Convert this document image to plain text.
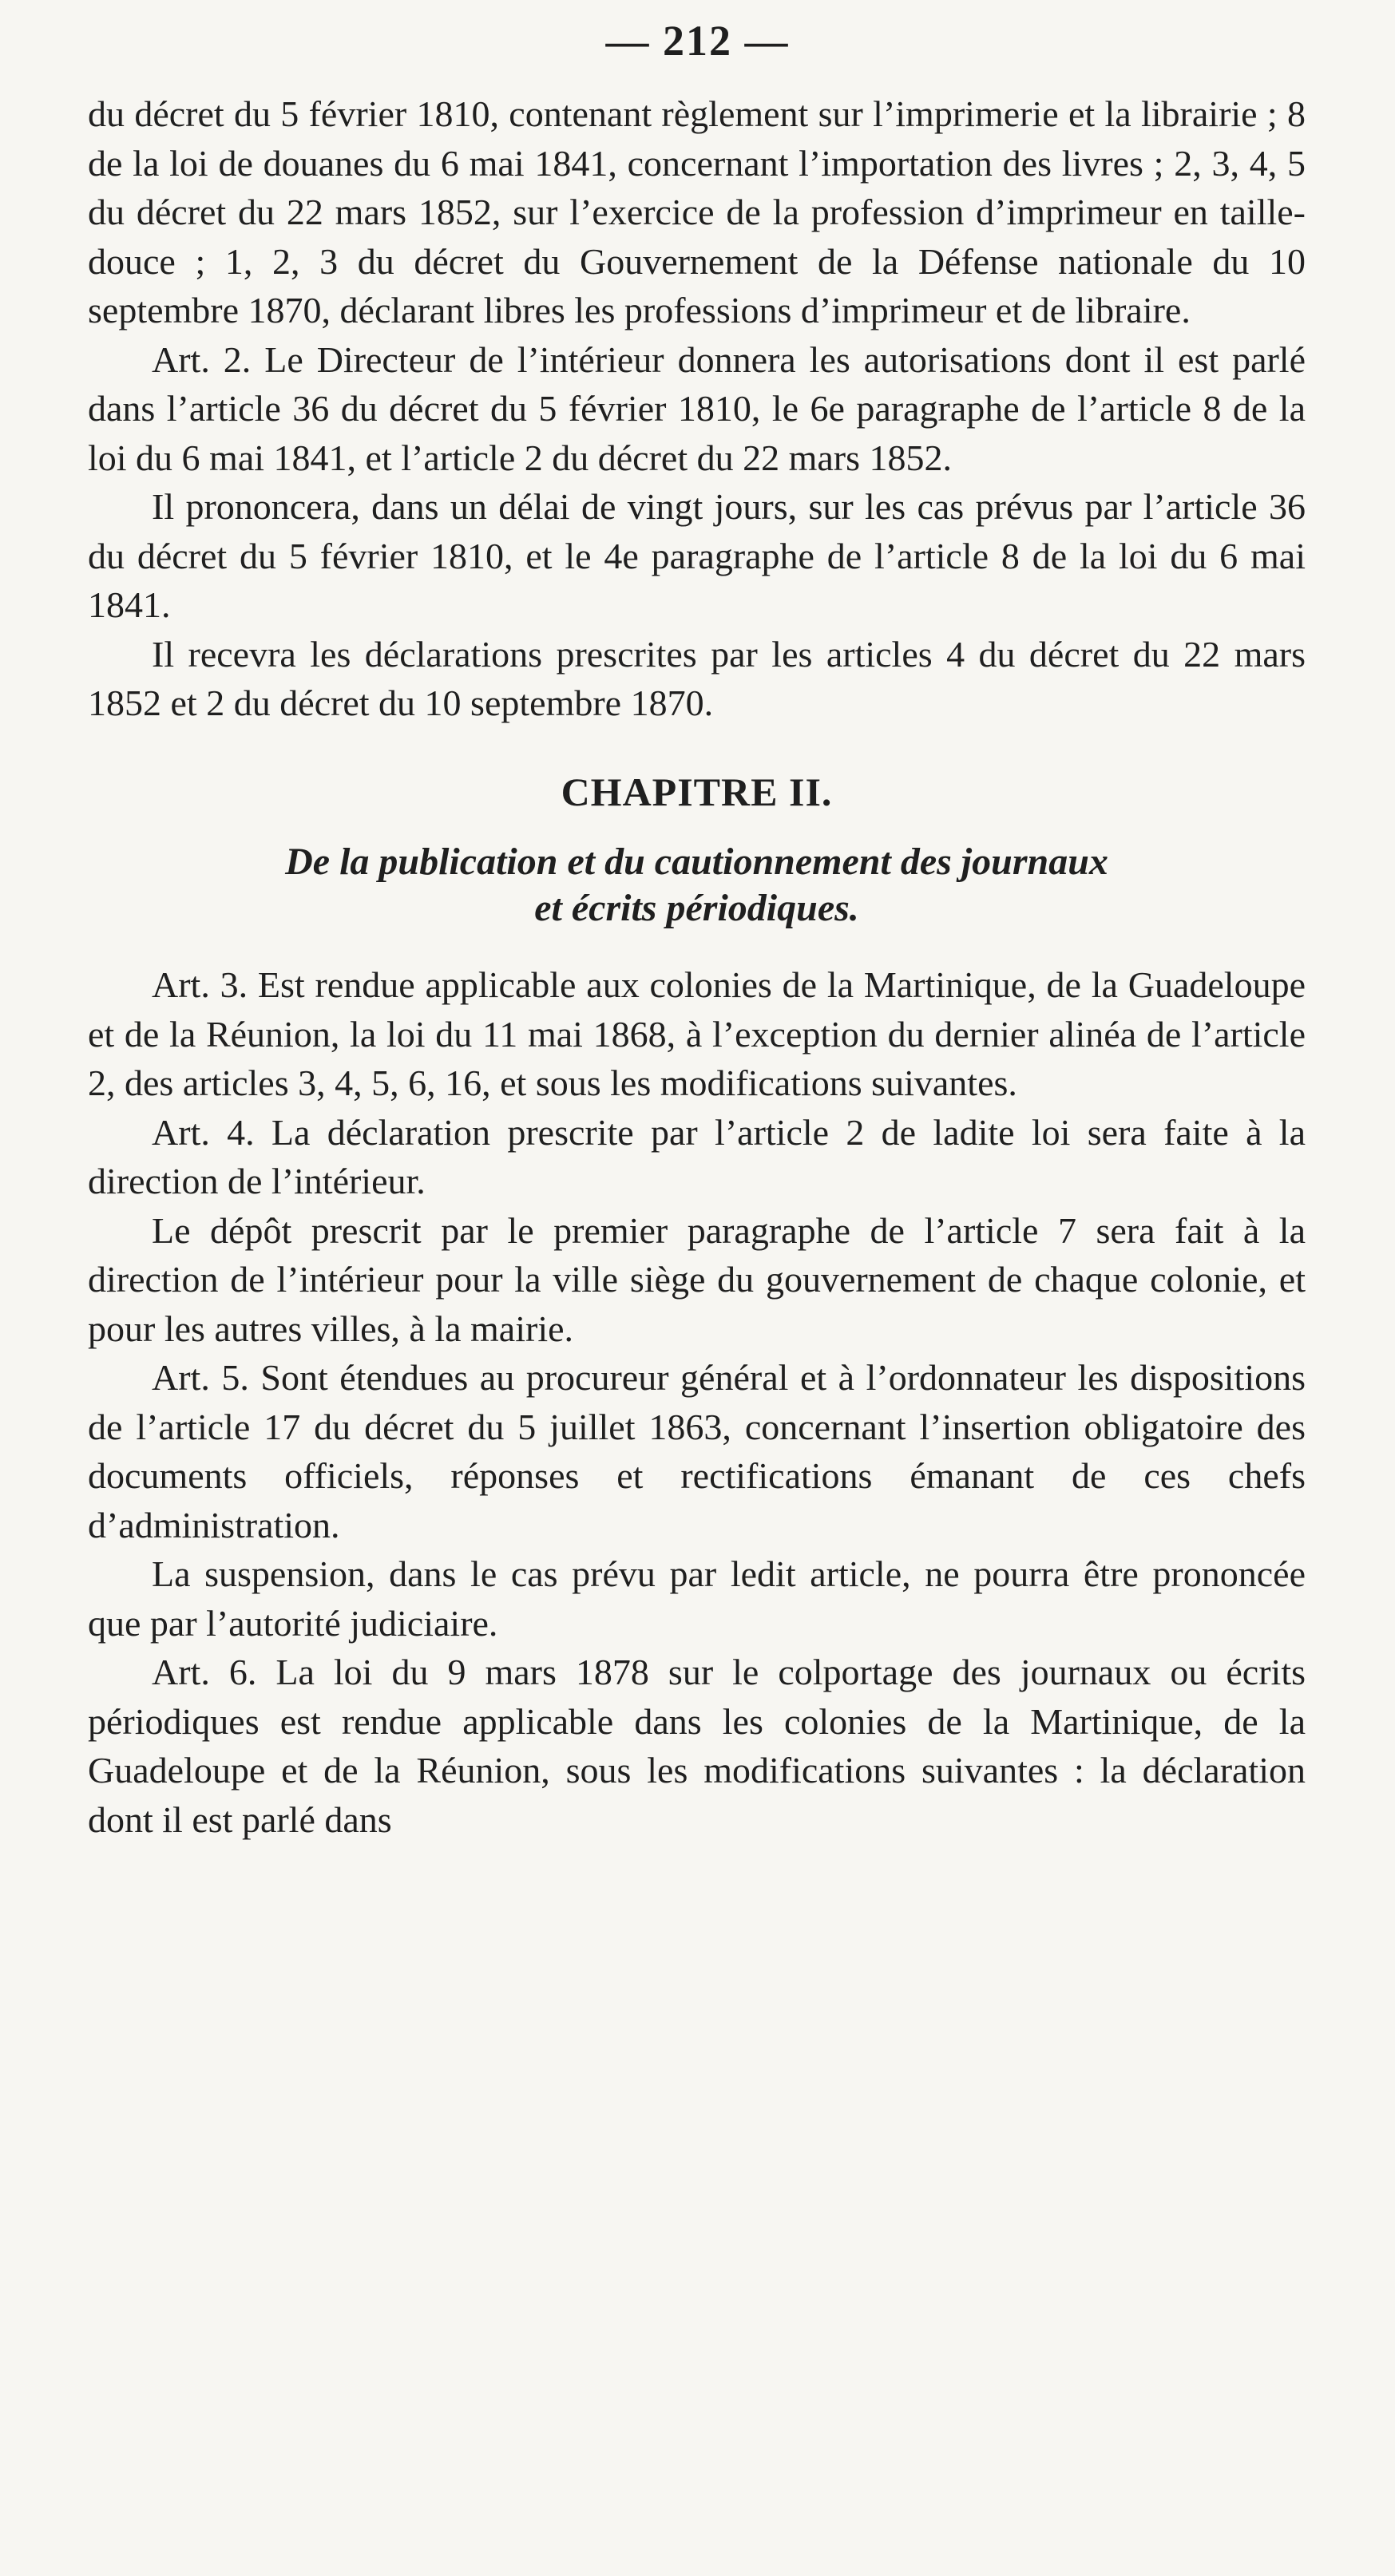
— 212 —

du décret du 5 février 1810, contenant règlement sur l’imprimerie et la librairie ; 8 de la loi de douanes du 6 mai 1841, concernant l’importation des livres ; 2, 3, 4, 5 du décret du 22 mars 1852, sur l’exercice de la profession d’imprimeur en taille-douce ; 1, 2, 3 du décret du Gouvernement de la Défense nationale du 10 septembre 1870, déclarant libres les professions d’imprimeur et de libraire.

Art. 2. Le Directeur de l’intérieur donnera les autorisations dont il est parlé dans l’article 36 du décret du 5 février 1810, le 6e paragraphe de l’article 8 de la loi du 6 mai 1841, et l’article 2 du décret du 22 mars 1852.

Il prononcera, dans un délai de vingt jours, sur les cas prévus par l’article 36 du décret du 5 février 1810, et le 4e paragraphe de l’article 8 de la loi du 6 mai 1841.

Il recevra les déclarations prescrites par les articles 4 du décret du 22 mars 1852 et 2 du décret du 10 septembre 1870.

CHAPITRE II.
De la publication et du cautionnement des journaux
et écrits périodiques.

Art. 3. Est rendue applicable aux colonies de la Martinique, de la Guadeloupe et de la Réunion, la loi du 11 mai 1868, à l’exception du dernier alinéa de l’article 2, des articles 3, 4, 5, 6, 16, et sous les modifications suivantes.

Art. 4. La déclaration prescrite par l’article 2 de ladite loi sera faite à la direction de l’intérieur.

Le dépôt prescrit par le premier paragraphe de l’article 7 sera fait à la direction de l’intérieur pour la ville siège du gouvernement de chaque colonie, et pour les autres villes, à la mairie.

Art. 5. Sont étendues au procureur général et à l’ordonnateur les dispositions de l’article 17 du décret du 5 juillet 1863, concernant l’insertion obligatoire des documents officiels, réponses et rectifications émanant de ces chefs d’administration.

La suspension, dans le cas prévu par ledit article, ne pourra être prononcée que par l’autorité judiciaire.

Art. 6. La loi du 9 mars 1878 sur le colportage des journaux ou écrits périodiques est rendue applicable dans les colonies de la Martinique, de la Guadeloupe et de la Réunion, sous les modifications suivantes : la déclaration dont il est parlé dans
